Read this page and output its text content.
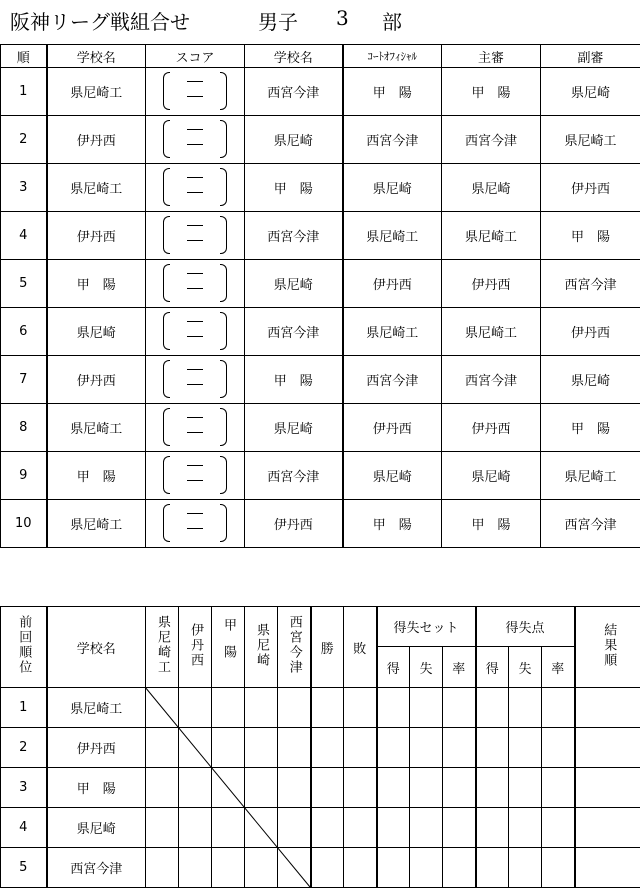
阪神リーグ戦組合せ

	男子

3

部

順	学校名	スコア	学校名	ｺｰﾄｵﾌｨｼｬﾙ	主審	副審
1	県尼崎工		西宮今津	甲　陽	甲　陽	県尼崎
2	伊丹西		県尼崎	西宮今津	西宮今津	県尼崎工
3	県尼崎工		甲　陽	県尼崎	県尼崎	伊丹西
4	伊丹西		西宮今津	県尼崎工	県尼崎工	甲　陽
5	甲　陽		県尼崎	伊丹西	伊丹西	西宮今津
6	県尼崎		西宮今津	県尼崎工	県尼崎工	伊丹西
7	伊丹西		甲　陽	西宮今津	西宮今津	県尼崎
8	県尼崎工		県尼崎	伊丹西	伊丹西	甲　陽
9	甲　陽		西宮今津	県尼崎	県尼崎	県尼崎工
10	県尼崎工		伊丹西	甲　陽	甲　陽	西宮今津
前回順位	学校名	県尼崎工	伊丹西	甲陽	県尼崎	西宮今津	勝	敗	得失セット			得失点			結果順
									得	失	率	得	失	率	
1	県尼崎工														
2	伊丹西														
3	甲　陽														
4	県尼崎														
5	西宮今津														
